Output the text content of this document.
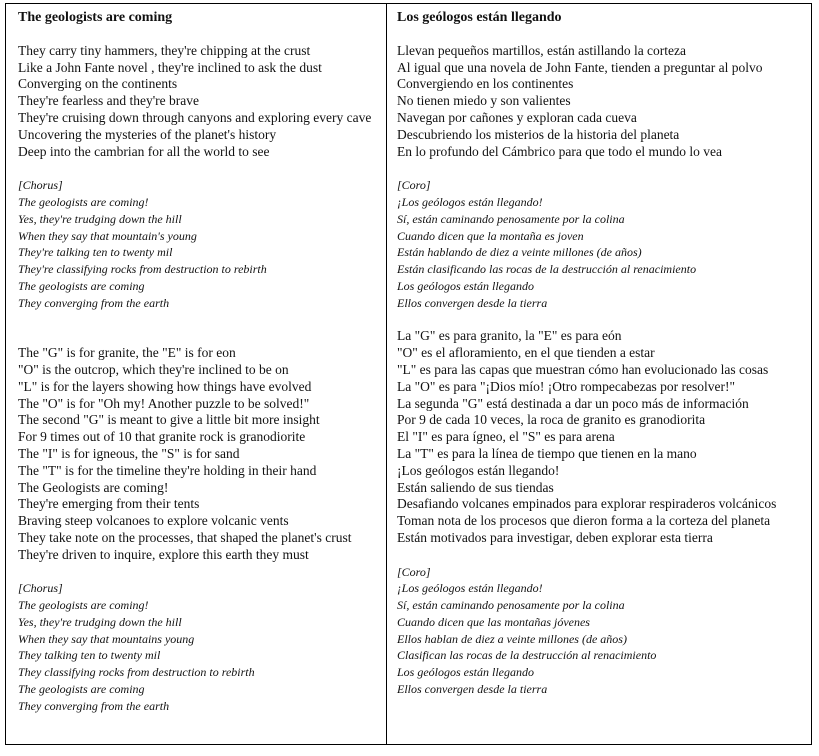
The geologists are coming
They carry tiny hammers, they're chipping at the crust
Like a John Fante novel , they're inclined to ask the dust
Converging on the continents
They're fearless and they're brave
They're cruising down through canyons and exploring every cave
Uncovering the mysteries of the planet's history
Deep into the cambrian for all the world to see
[Chorus]
The geologists are coming!
Yes, they're trudging down the hill
When they say that mountain's young
They're talking ten to twenty mil
They're classifying rocks from destruction to rebirth
The geologists are coming
They converging from the earth
The "G" is for granite, the "E" is for eon
"O" is the outcrop, which they're inclined to be on
"L" is for the layers showing how things have evolved
The "O" is for "Oh my! Another puzzle to be solved!"
The second "G" is meant to give a little bit more insight
For 9 times out of 10 that granite rock is granodiorite
The "I" is for igneous, the "S" is for sand
The "T" is for the timeline they're holding in their hand
The Geologists are coming!
They're emerging from their tents
Braving steep volcanoes to explore volcanic vents
They take note on the processes, that shaped the planet's crust
They're driven to inquire, explore this earth they must
[Chorus]
The geologists are coming!
Yes, they're trudging down the hill
When they say that mountains young
They talking ten to twenty mil
They classifying rocks from destruction to rebirth
The geologists are coming
They converging from the earth
Los geólogos están llegando
Llevan pequeños martillos, están astillando la corteza
Al igual que una novela de John Fante, tienden a preguntar al polvo
Convergiendo en los continentes
No tienen miedo y son valientes
Navegan por cañones y exploran cada cueva
Descubriendo los misterios de la historia del planeta
En lo profundo del Cámbrico para que todo el mundo lo vea
[Coro]
¡Los geólogos están llegando!
Sí, están caminando penosamente por la colina
Cuando dicen que la montaña es joven
Están hablando de diez a veinte millones (de años)
Están clasificando las rocas de la destrucción al renacimiento
Los geólogos están llegando
Ellos convergen desde la tierra
La "G" es para granito, la "E" es para eón
"O" es el afloramiento, en el que tienden a estar
"L" es para las capas que muestran cómo han evolucionado las cosas
La "O" es para "¡Dios mío! ¡Otro rompecabezas por resolver!"
La segunda "G" está destinada a dar un poco más de información
Por 9 de cada 10 veces, la roca de granito es granodiorita
El "I" es para ígneo, el "S" es para arena
La "T" es para la línea de tiempo que tienen en la mano
¡Los geólogos están llegando!
Están saliendo de sus tiendas
Desafiando volcanes empinados para explorar respiraderos volcánicos
Toman nota de los procesos que dieron forma a la corteza del planeta
Están motivados para investigar, deben explorar esta tierra
[Coro]
¡Los geólogos están llegando!
Sí, están caminando penosamente por la colina
Cuando dicen que las montañas jóvenes
Ellos hablan de diez a veinte millones (de años)
Clasifican las rocas de la destrucción al renacimiento
Los geólogos están llegando
Ellos convergen desde la tierra
